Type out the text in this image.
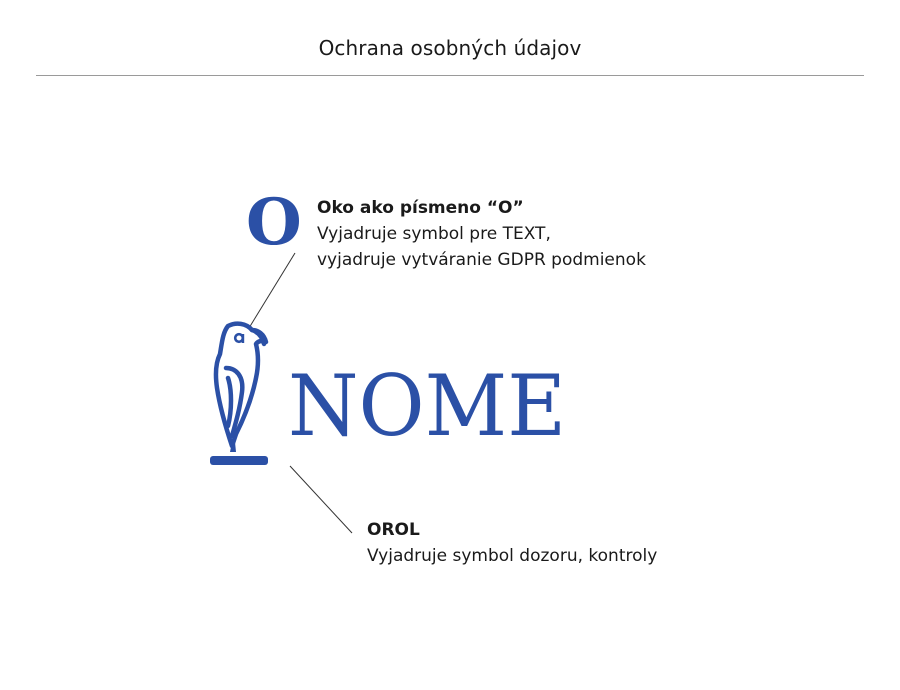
Ochrana osobných údajov
O Oko ako písmeno “O”
Vyjadruje symbol pre TEXT,
vyjadruje vytváranie GDPR podmienok
NOME
OROL
Vyjadruje symbol dozoru, kontroly
